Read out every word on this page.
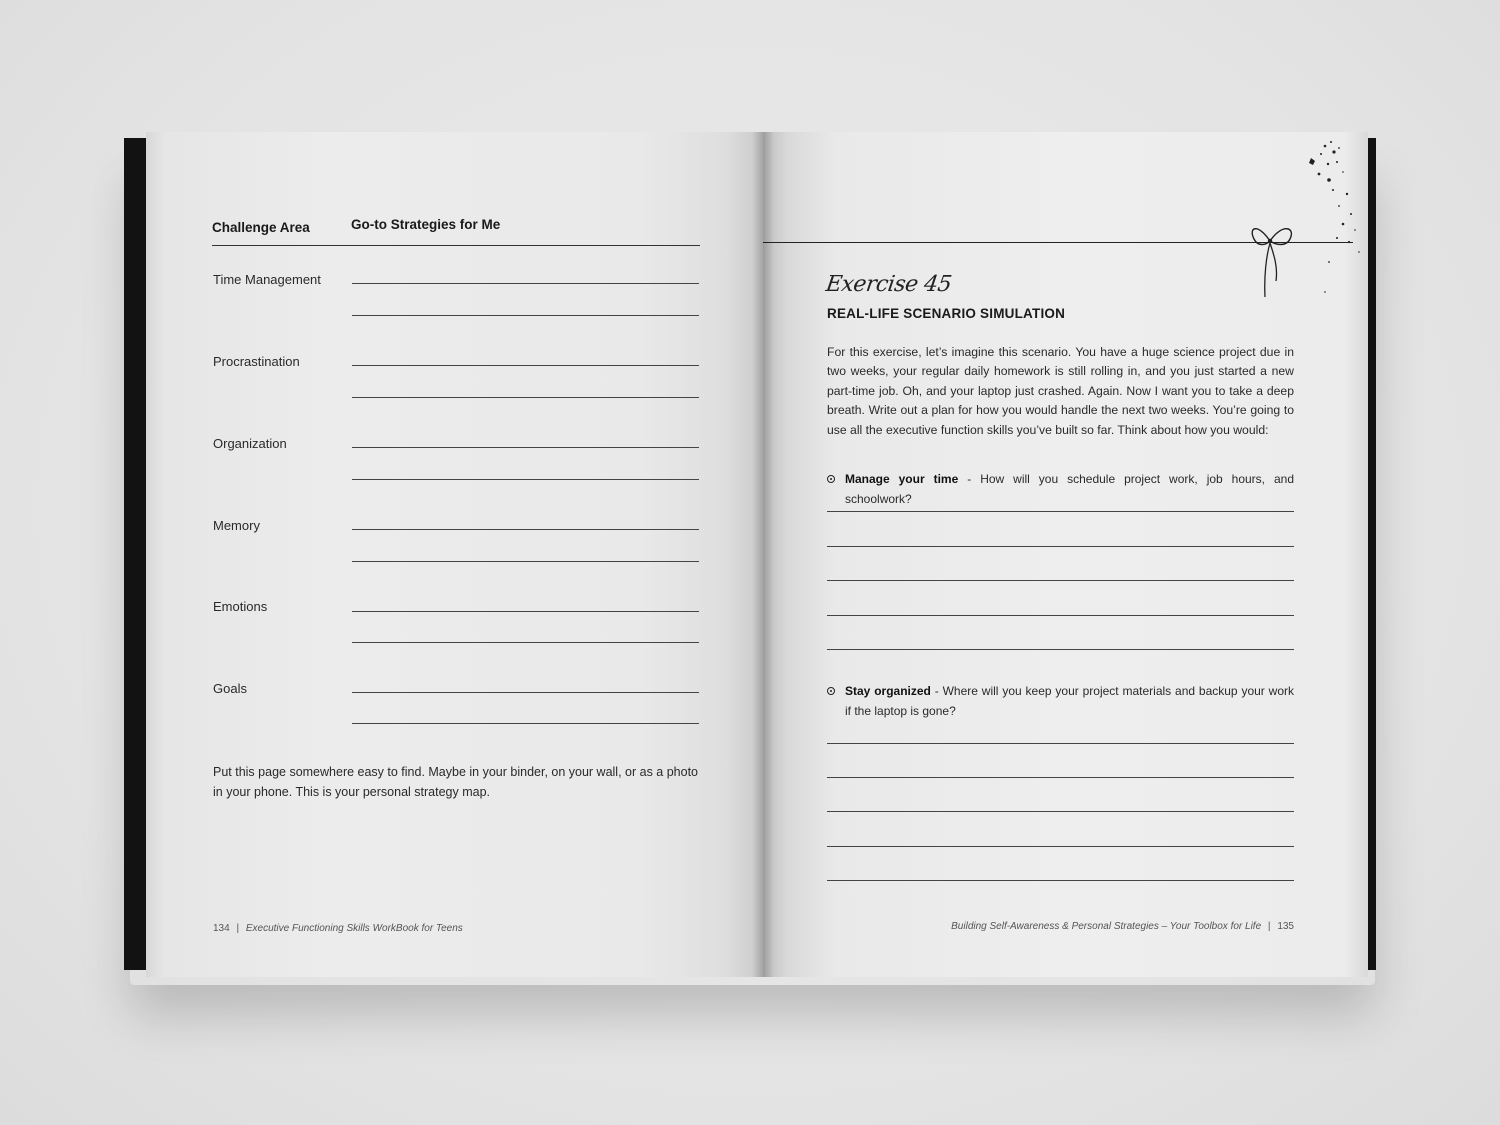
Challenge Area	Go-to Strategies for Me
Time Management
Procrastination
Organization
Memory
Emotions
Goals
Put this page somewhere easy to find. Maybe in your binder, on your wall, or as a photo in your phone. This is your personal strategy map.
134 | Executive Functioning Skills WorkBook for Teens
Exercise 45
REAL-LIFE SCENARIO SIMULATION
For this exercise, let’s imagine this scenario. You have a huge science project due in two weeks, your regular daily homework is still rolling in, and you just started a new part-time job. Oh, and your laptop just crashed. Again. Now I want you to take a deep breath. Write out a plan for how you would handle the next two weeks. You’re going to use all the executive function skills you’ve built so far. Think about how you would:
Manage your time - How will you schedule project work, job hours, and schoolwork?
Stay organized - Where will you keep your project materials and backup your work if the laptop is gone?
Building Self-Awareness & Personal Strategies – Your Toolbox for Life | 135
